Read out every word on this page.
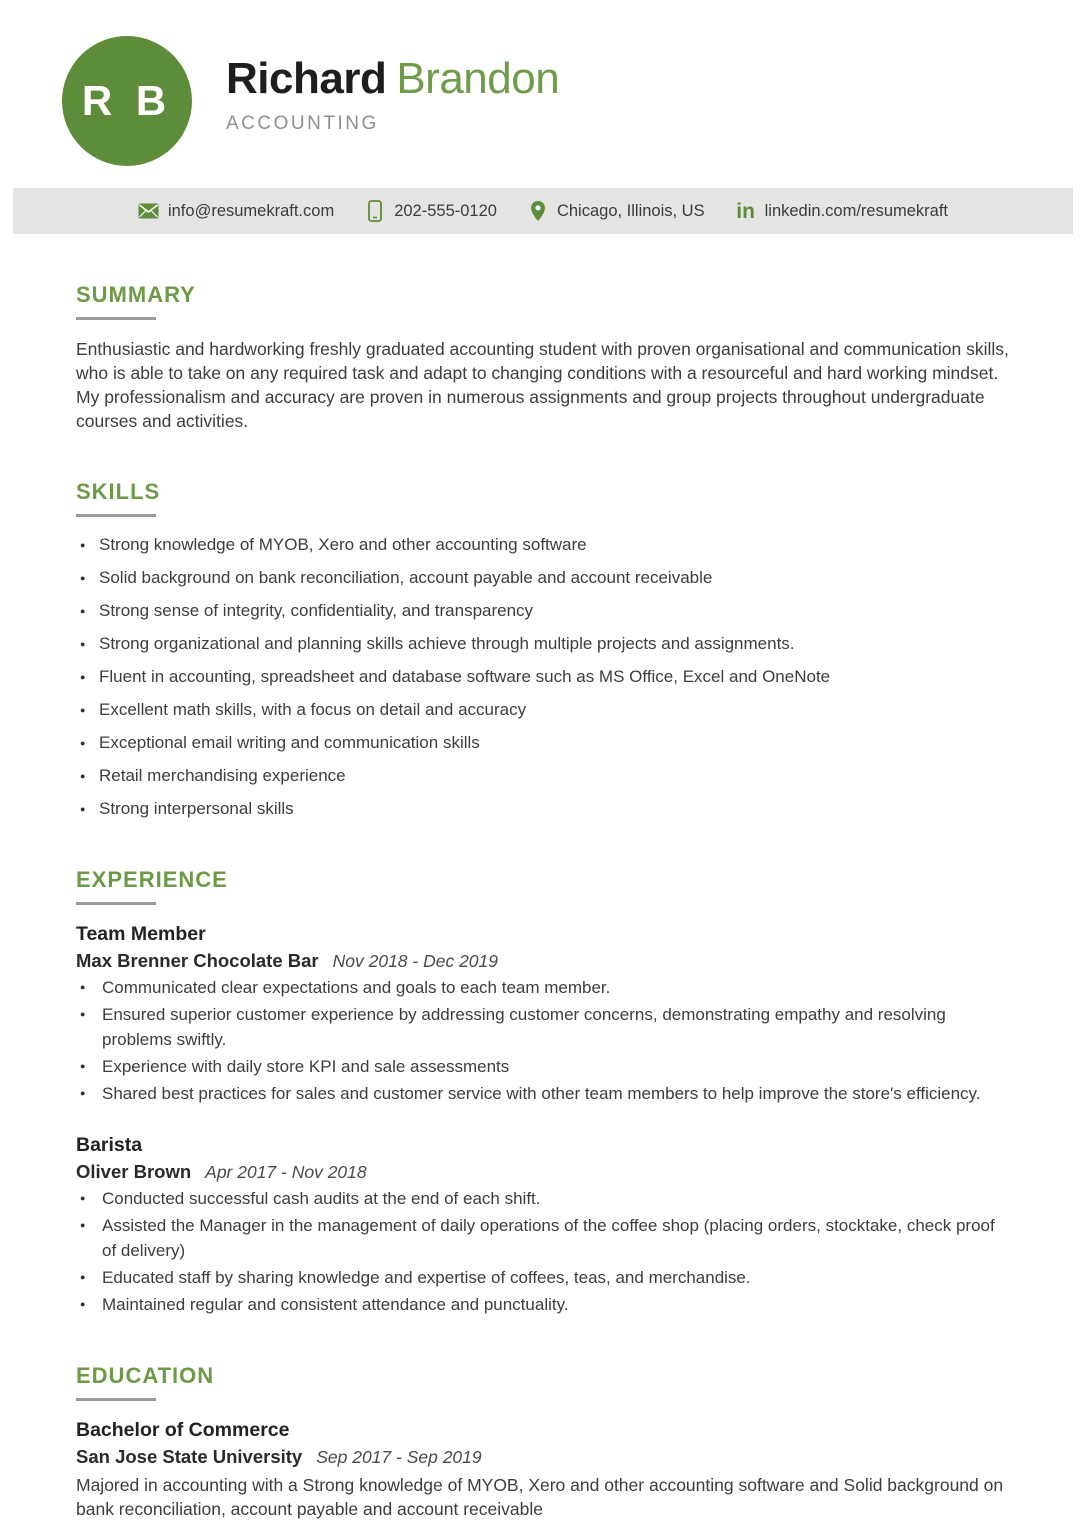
R B Richard Brandon
ACCOUNTING
info@resumekraft.com	202-555-0120	Chicago, Illinois, US in linkedin.com/resumekraft
SUMMARY

Enthusiastic and hardworking freshly graduated accounting student with proven organisational and communication skills, who is able to take on any required task and adapt to changing conditions with a resourceful and hard working mindset. My professionalism and accuracy are proven in numerous assignments and group projects throughout undergraduate courses and activities.

SKILLS
● Strong knowledge of MYOB, Xero and other accounting software
● Solid background on bank reconciliation, account payable and account receivable
● Strong sense of integrity, confidentiality, and transparency
● Strong organizational and planning skills achieve through multiple projects and assignments.
● Fluent in accounting, spreadsheet and database software such as MS Office, Excel and OneNote
● Excellent math skills, with a focus on detail and accuracy
● Exceptional email writing and communication skills
● Retail merchandising experience
● Strong interpersonal skills
EXPERIENCE
Team Member
Max Brenner Chocolate Bar Nov 2018 - Dec 2019
● Communicated clear expectations and goals to each team member.
● Ensured superior customer experience by addressing customer concerns, demonstrating empathy and resolving problems swiftly.
● Experience with daily store KPI and sale assessments
● Shared best practices for sales and customer service with other team members to help improve the store's efficiency.
Barista
Oliver Brown Apr 2017 - Nov 2018
● Conducted successful cash audits at the end of each shift.
● Assisted the Manager in the management of daily operations of the coffee shop (placing orders, stocktake, check proof of delivery)
● Educated staff by sharing knowledge and expertise of coffees, teas, and merchandise.
● Maintained regular and consistent attendance and punctuality.
EDUCATION
Bachelor of Commerce
San Jose State University Sep 2017 - Sep 2019

Majored in accounting with a Strong knowledge of MYOB, Xero and other accounting software and Solid background on bank reconciliation, account payable and account receivable
